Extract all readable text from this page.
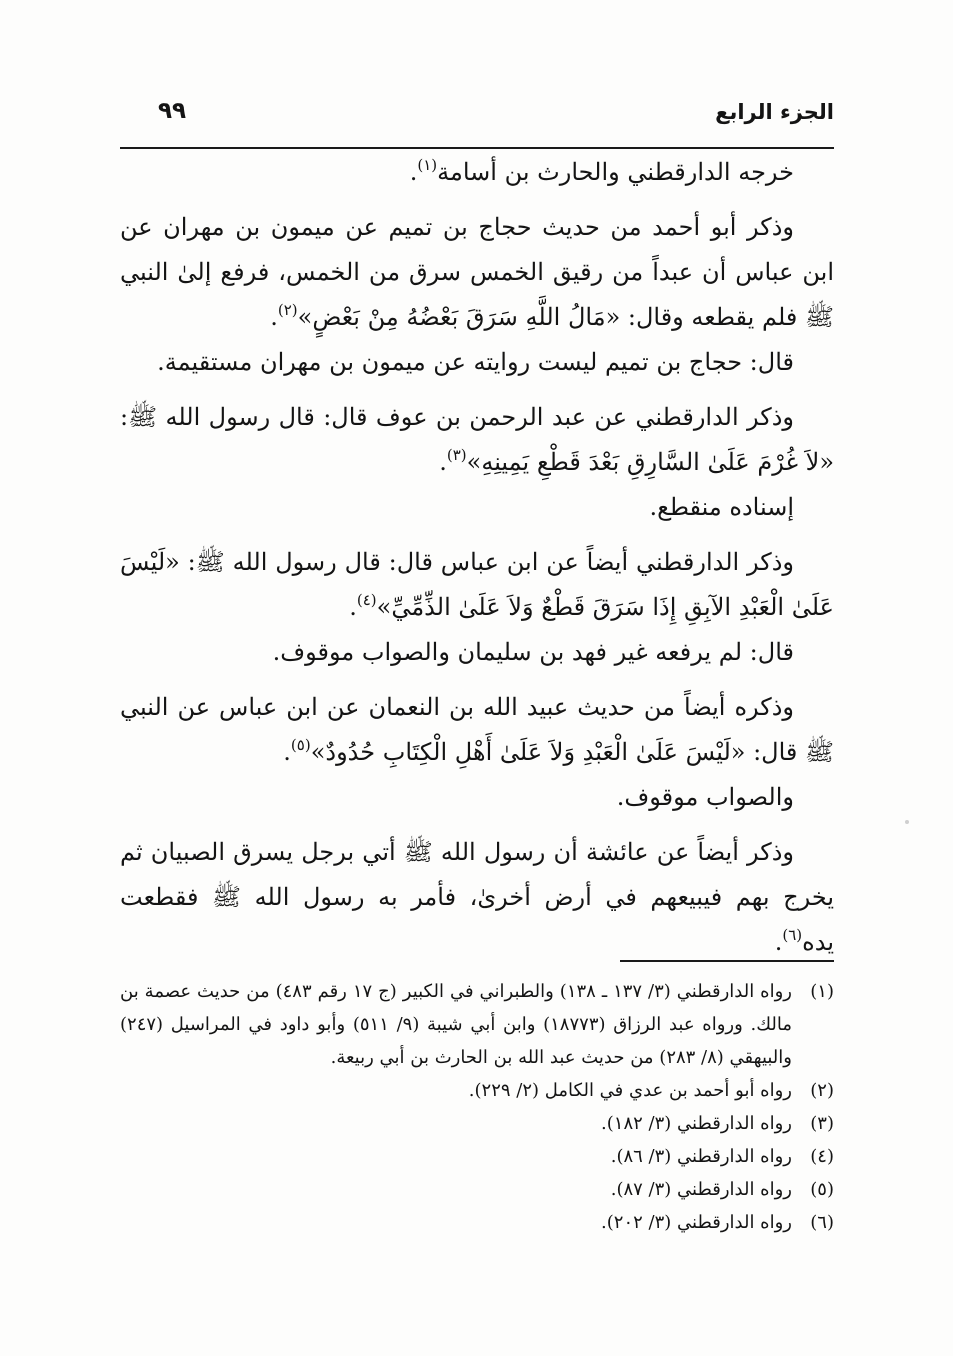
الجزء الرابع
٩٩

خرجه الدارقطني والحارث بن أسامة$^{(١)}$.

وذكر أبو أحمد من حديث حجاج بن تميم عن ميمون بن مهران عن ابن عباس أن عبداً من رقيق الخمس سرق من الخمس، فرفع إلىٰ النبي ﷺ فلم يقطعه وقال: «مَالُ اللَّهِ سَرَقَ بَعْضُهُ مِنْ بَعْضٍ»$^{(٢)}$.

قال: حجاج بن تميم ليست روايته عن ميمون بن مهران مستقيمة.

وذكر الدارقطني عن عبد الرحمن بن عوف قال: قال رسول الله ﷺ: «لاَ غُرْمَ عَلَىٰ السَّارِقِ بَعْدَ قَطْعِ يَمِينِهِ»$^{(٣)}$.

إسناده منقطع.

وذكر الدارقطني أيضاً عن ابن عباس قال: قال رسول الله ﷺ: «لَيْسَ عَلَىٰ الْعَبْدِ الآبِقِ إِذَا سَرَقَ قَطْعٌ وَلاَ عَلَىٰ الذِّمِّيِّ»$^{(٤)}$.

قال: لم يرفعه غير فهد بن سليمان والصواب موقوف.

وذكره أيضاً من حديث عبيد الله بن النعمان عن ابن عباس عن النبي ﷺ قال: «لَيْسَ عَلَىٰ الْعَبْدِ وَلاَ عَلَىٰ أَهْلِ الْكِتَابِ حُدُودٌ»$^{(٥)}$.

والصواب موقوف.

وذكر أيضاً عن عائشة أن رسول الله ﷺ أتي برجل يسرق الصبيان ثم يخرج بهم فيبيعهم في أرض أخرىٰ، فأمر به رسول الله ﷺ فقطعت يده$^{(٦)}$.

(١)
رواه الدارقطني (٣/ ١٣٧ ـ ١٣٨) والطبراني في الكبير (ج ١٧ رقم ٤٨٣) من حديث عصمة بن مالك. ورواه عبد الرزاق (١٨٧٧٣) وابن أبي شيبة (٩/ ٥١١) وأبو داود في المراسيل (٢٤٧) والبيهقي (٨/ ٢٨٣) من حديث عبد الله بن الحارث بن أبي ربيعة.
(٢)
رواه أبو أحمد بن عدي في الكامل (٢/ ٢٢٩).
(٣)
رواه الدارقطني (٣/ ١٨٢).
(٤)
رواه الدارقطني (٣/ ٨٦).
(٥)
رواه الدارقطني (٣/ ٨٧).
(٦)
رواه الدارقطني (٣/ ٢٠٢).
